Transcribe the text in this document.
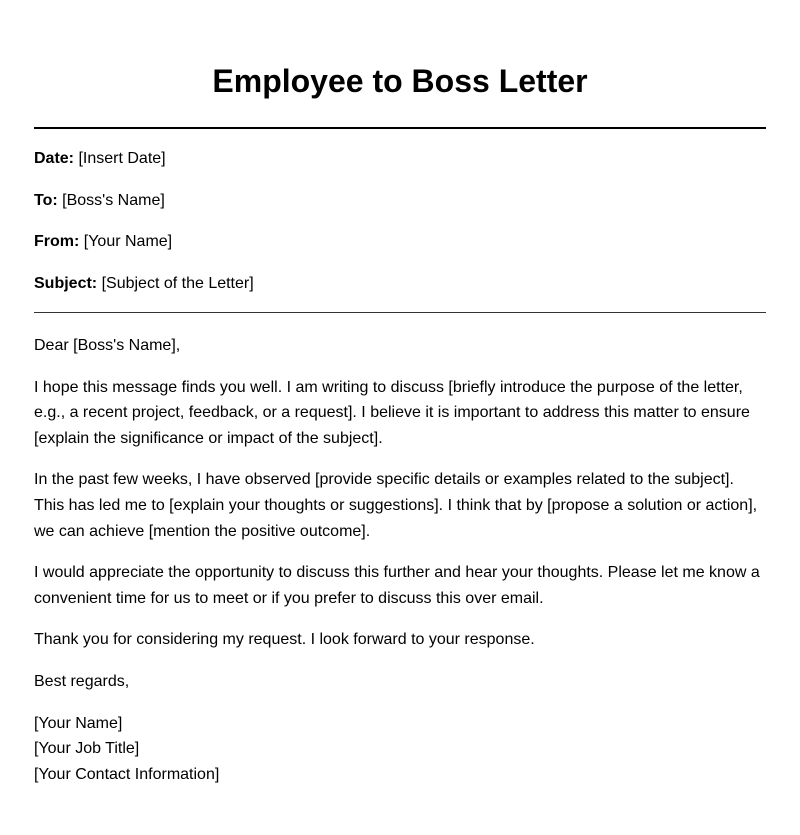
Employee to Boss Letter
Date: [Insert Date]
To: [Boss's Name]
From: [Your Name]
Subject: [Subject of the Letter]

Dear [Boss's Name],

I hope this message finds you well. I am writing to discuss [briefly introduce the purpose of the letter, e.g., a recent project, feedback, or a request]. I believe it is important to address this matter to ensure [explain the significance or impact of the subject].

In the past few weeks, I have observed [provide specific details or examples related to the subject]. This has led me to [explain your thoughts or suggestions]. I think that by [propose a solution or action], we can achieve [mention the positive outcome].

I would appreciate the opportunity to discuss this further and hear your thoughts. Please let me know a convenient time for us to meet or if you prefer to discuss this over email.

Thank you for considering my request. I look forward to your response.

Best regards,

[Your Name]
[Your Job Title]
[Your Contact Information]
